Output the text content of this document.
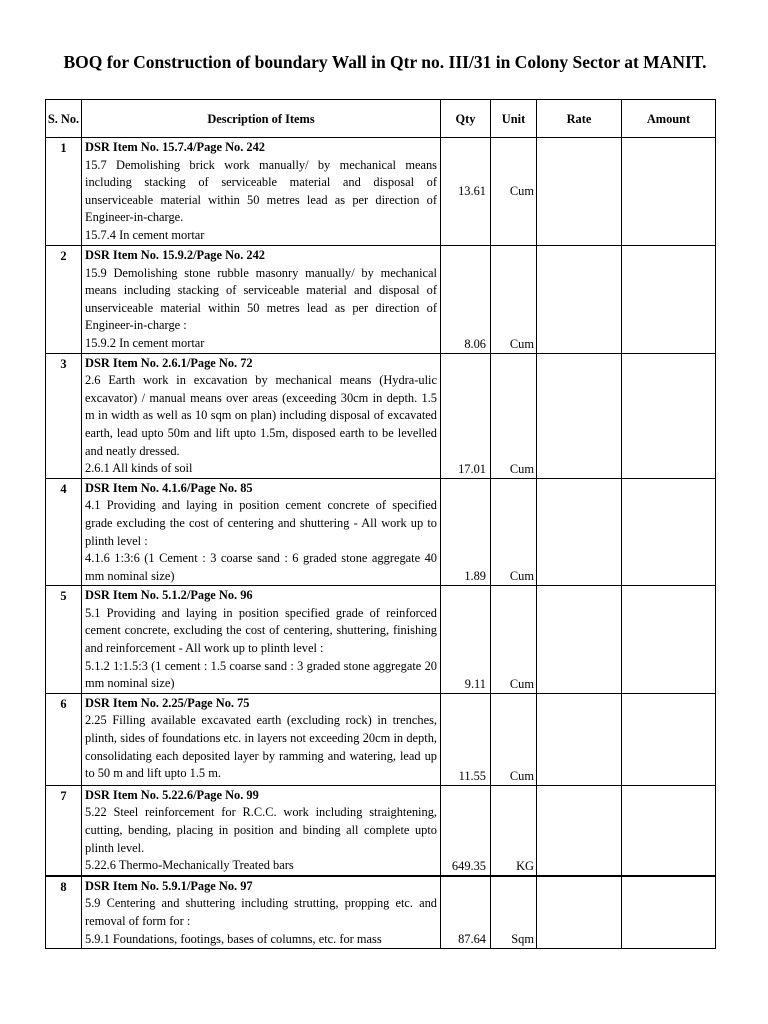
BOQ for Construction of boundary Wall in Qtr no. III/31 in Colony Sector at MANIT.
S. No.	Description of Items	Qty	Unit	Rate	Amount
1	DSR Item No. 15.7.4/Page No. 242
15.7 Demolishing brick work manually/ by mechanical means including stacking of serviceable material and disposal of unserviceable material within 50 metres lead as per direction of Engineer-in-charge.
15.7.4 In cement mortar	13.61	Cum		
2	DSR Item No. 15.9.2/Page No. 242
15.9 Demolishing stone rubble masonry manually/ by mechanical means including stacking of serviceable material and disposal of unserviceable material within 50 metres lead as per direction of Engineer-in-charge :
15.9.2 In cement mortar	8.06	Cum		
3	DSR Item No. 2.6.1/Page No. 72
2.6 Earth work in excavation by mechanical means (Hydra-ulic excavator) / manual means over areas (exceeding 30cm in depth. 1.5 m in width as well as 10 sqm on plan) including disposal of excavated earth, lead upto 50m and lift upto 1.5m, disposed earth to be levelled and neatly dressed.
2.6.1 All kinds of soil	17.01	Cum		
4	DSR Item No. 4.1.6/Page No. 85
4.1 Providing and laying in position cement concrete of specified grade excluding the cost of centering and shuttering - All work up to plinth level :
4.1.6 1:3:6 (1 Cement : 3 coarse sand : 6 graded stone aggregate 40 mm nominal size)	1.89	Cum		
5	DSR Item No. 5.1.2/Page No. 96
5.1 Providing and laying in position specified grade of reinforced cement concrete, excluding the cost of centering, shuttering, finishing and reinforcement - All work up to plinth level :
5.1.2 1:1.5:3 (1 cement : 1.5 coarse sand : 3 graded stone aggregate 20 mm nominal size)	9.11	Cum		
6	DSR Item No. 2.25/Page No. 75
2.25 Filling available excavated earth (excluding rock) in trenches, plinth, sides of foundations etc. in layers not exceeding 20cm in depth, consolidating each deposited layer by ramming and watering, lead up to 50 m and lift upto 1.5 m.	11.55	Cum		
7	DSR Item No. 5.22.6/Page No. 99
5.22 Steel reinforcement for R.C.C. work including straightening, cutting, bending, placing in position and binding all complete upto plinth level.
5.22.6 Thermo-Mechanically Treated bars	649.35	KG		
8	DSR Item No. 5.9.1/Page No. 97
5.9 Centering and shuttering including strutting, propping etc. and removal of form for :
5.9.1 Foundations, footings, bases of columns, etc. for mass	87.64	Sqm		
